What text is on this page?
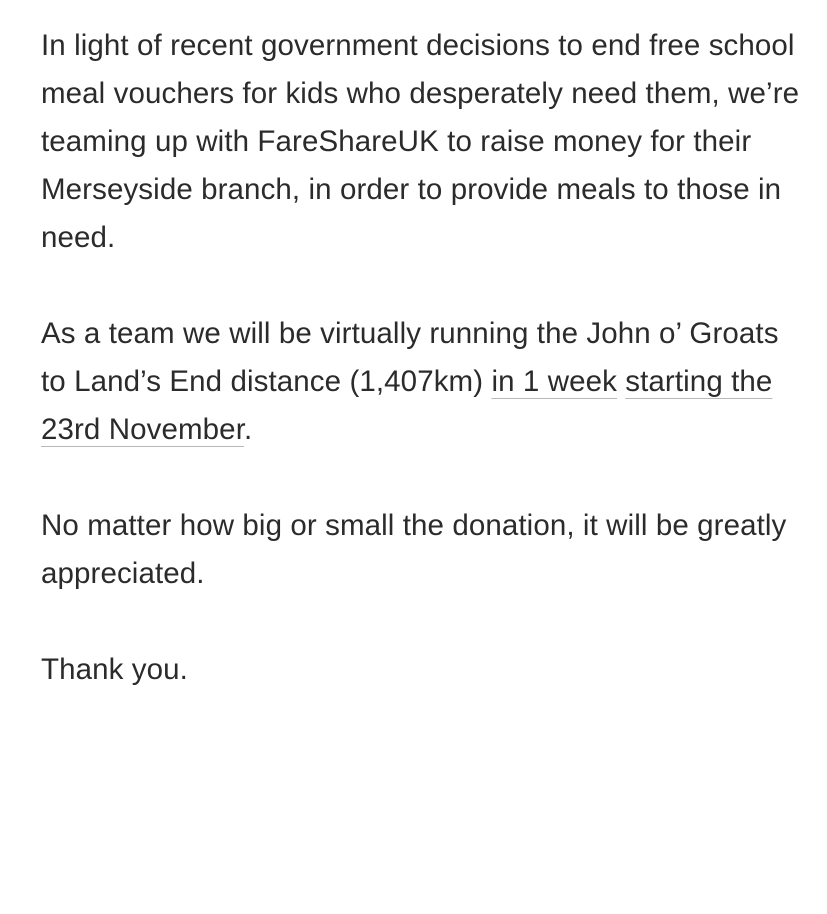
In light of recent government decisions to end free school meal vouchers for kids who desperately need them, we’re teaming up with FareShareUK to raise money for their Merseyside branch, in order to provide meals to those in need.

As a team we will be virtually running the John o’ Groats to Land’s End distance (1,407km) in 1 week starting the 23rd November.

No matter how big or small the donation, it will be greatly appreciated.

Thank you.
